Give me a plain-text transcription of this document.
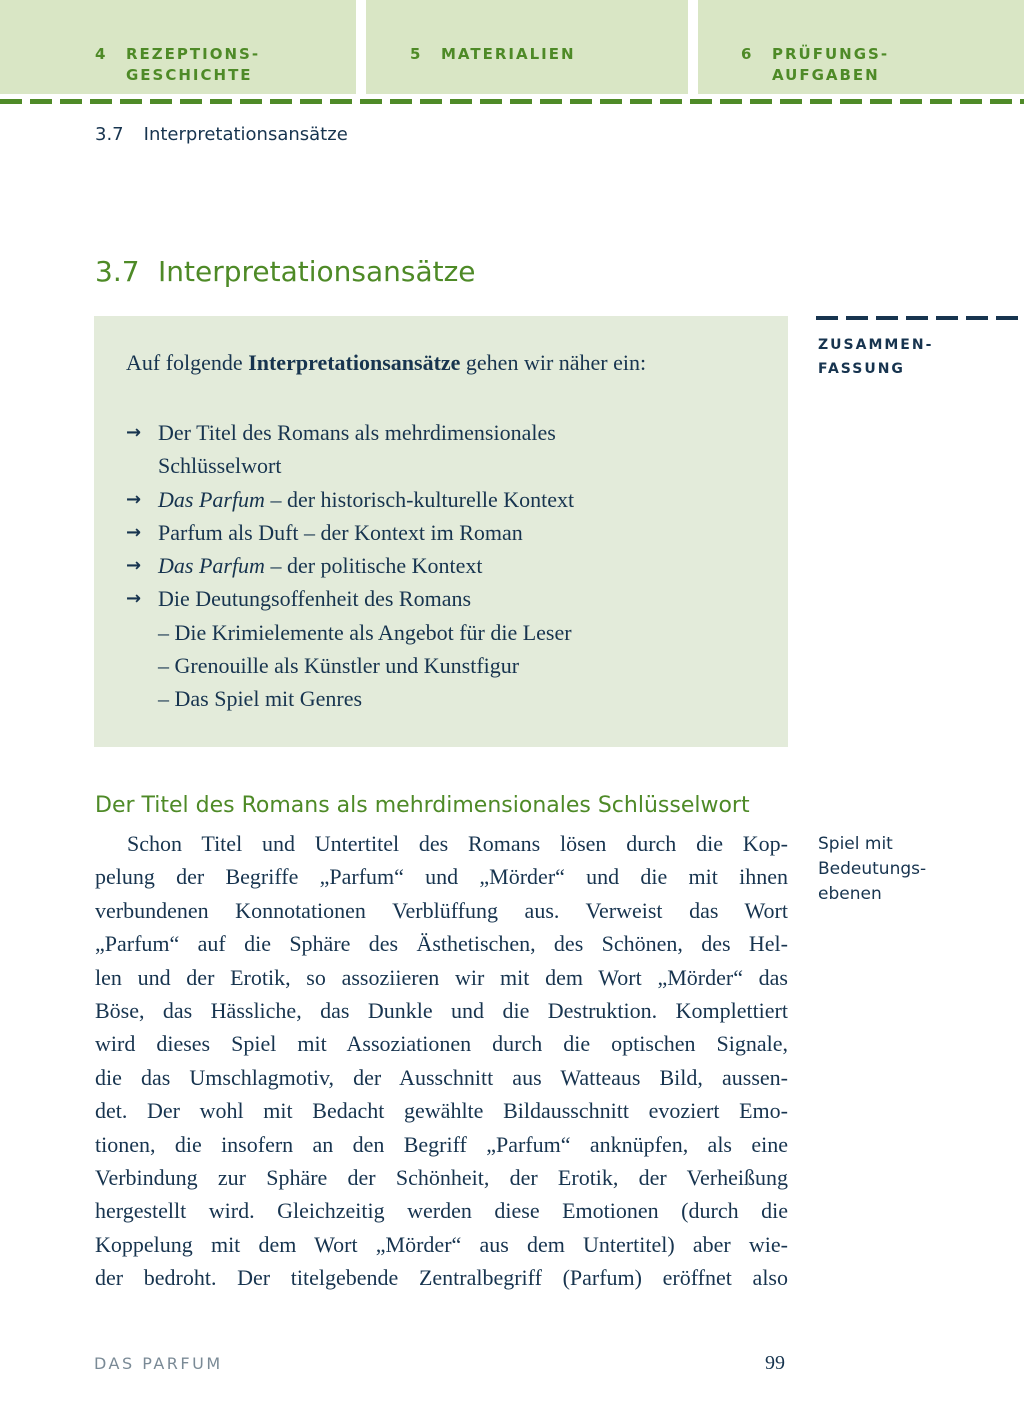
4 REZEPTIONS-
GESCHICHTE
5 MATERIALIEN	6 PRÜFUNGS-
AUFGABEN
3.7 Interpretationsansätze
3.7 Interpretationsansätze
ZUSAMMEN-
FASSUNG
Auf folgende Interpretationsansätze gehen wir näher ein:
→ Der Titel des Romans als mehrdimensionales
Schlüsselwort
→ Das Parfum – der historisch-kulturelle Kontext
→ Parfum als Duft – der Kontext im Roman
→ Das Parfum – der politische Kontext
→ Die Deutungsoffenheit des Romans
– Die Krimielemente als Angebot für die Leser
– Grenouille als Künstler und Kunstfigur
– Das Spiel mit Genres
Der Titel des Romans als mehrdimensionales Schlüsselwort
Schon Titel und Untertitel des Romans lösen durch die Kop-
pelung der Begriffe „Parfum“ und „Mörder“ und die mit ihnen
verbundenen Konnotationen Verblüffung aus. Verweist das Wort
„Parfum“ auf die Sphäre des Ästhetischen, des Schönen, des Hel-
len und der Erotik, so assoziieren wir mit dem Wort „Mörder“ das
Böse, das Hässliche, das Dunkle und die Destruktion. Komplettiert
wird dieses Spiel mit Assoziationen durch die optischen Signale,
die das Umschlagmotiv, der Ausschnitt aus Watteaus Bild, aussen-
det. Der wohl mit Bedacht gewählte Bildausschnitt evoziert Emo-
tionen, die insofern an den Begriff „Parfum“ anknüpfen, als eine
Verbindung zur Sphäre der Schönheit, der Erotik, der Verheißung
hergestellt wird. Gleichzeitig werden diese Emotionen (durch die
Koppelung mit dem Wort „Mörder“ aus dem Untertitel) aber wie-
der bedroht. Der titelgebende Zentralbegriff (Parfum) eröffnet also
Spiel mit
Bedeutungs-
ebenen
DAS PARFUM	99
